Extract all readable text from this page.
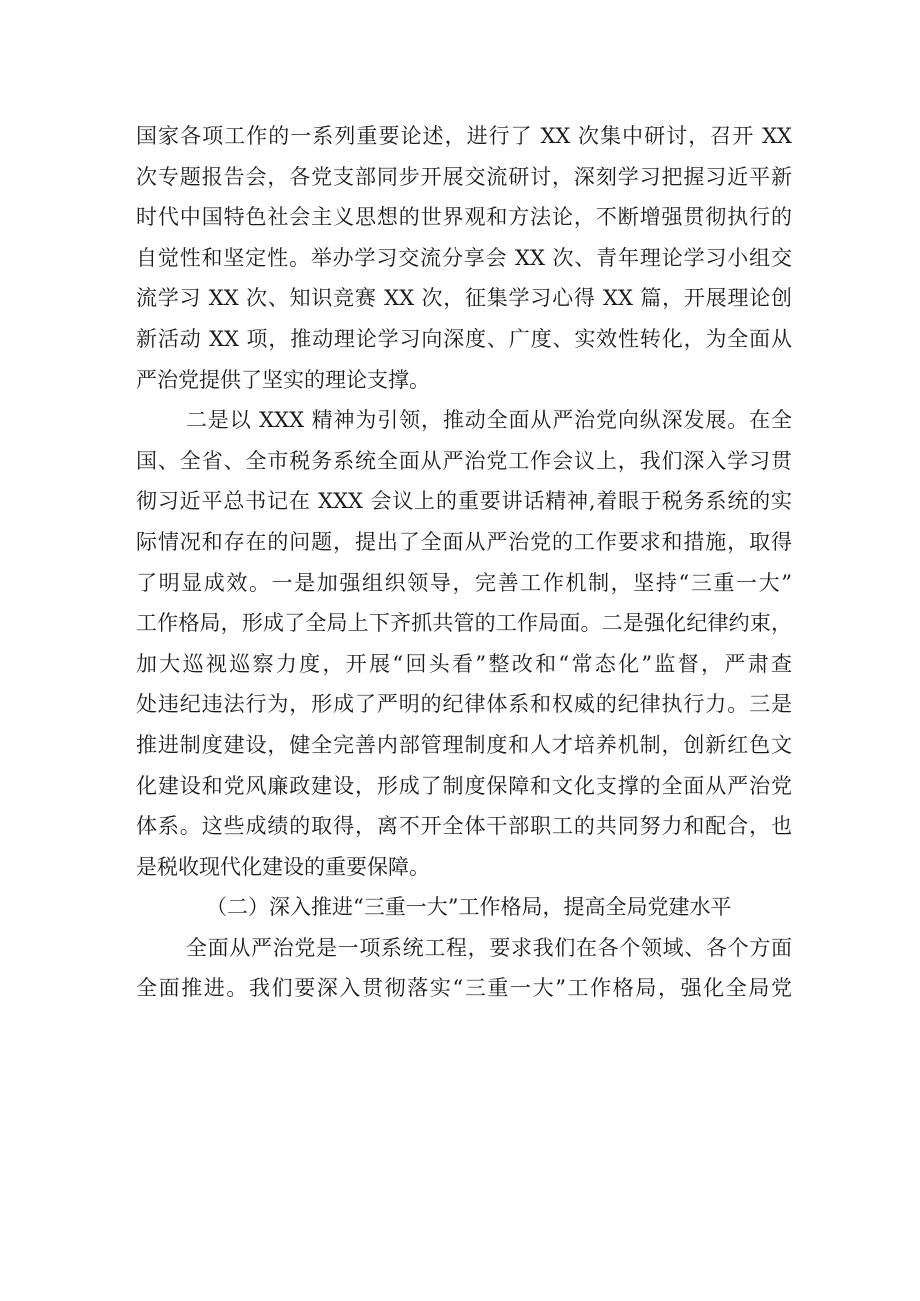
国家各项工作的一系列重要论述，进行了 XX 次集中研讨，召开 XX
次专题报告会，各党支部同步开展交流研讨，深刻学习把握习近平新
时代中国特色社会主义思想的世界观和方法论，不断增强贯彻执行的
自觉性和坚定性。举办学习交流分享会 XX 次、青年理论学习小组交
流学习 XX 次、知识竞赛 XX 次，征集学习心得 XX 篇，开展理论创
新活动 XX 项，推动理论学习向深度、广度、实效性转化，为全面从
严治党提供了坚实的理论支撑。
二是以 XXX 精神为引领，推动全面从严治党向纵深发展。在全
国、全省、全市税务系统全面从严治党工作会议上，我们深入学习贯
彻习近平总书记在 XXX 会议上的重要讲话精神,着眼于税务系统的实
际情况和存在的问题，提出了全面从严治党的工作要求和措施，取得
了明显成效。一是加强组织领导，完善工作机制，坚持“三重一大”
工作格局，形成了全局上下齐抓共管的工作局面。二是强化纪律约束，
加大巡视巡察力度，开展“回头看”整改和“常态化”监督，严肃查
处违纪违法行为，形成了严明的纪律体系和权威的纪律执行力。三是
推进制度建设，健全完善内部管理制度和人才培养机制，创新红色文
化建设和党风廉政建设，形成了制度保障和文化支撑的全面从严治党
体系。这些成绩的取得，离不开全体干部职工的共同努力和配合，也
是税收现代化建设的重要保障。
（二）深入推进“三重一大”工作格局，提高全局党建水平
全面从严治党是一项系统工程，要求我们在各个领域、各个方面
全面推进。我们要深入贯彻落实“三重一大”工作格局，强化全局党
